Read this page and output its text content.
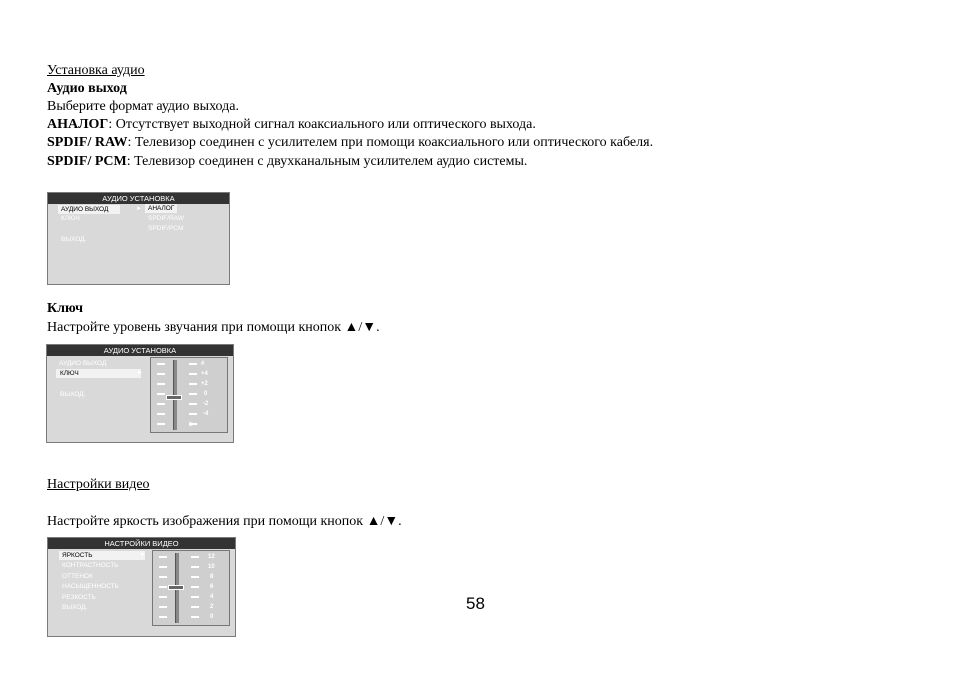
Установка аудио
Аудио выход
Выберите формат аудио выхода.
АНАЛОГ: Отсутствует выходной сигнал коаксиального или оптического выхода.
SPDIF/ RAW: Телевизор соединен с усилителем при помощи коаксиального или оптического кабеля.
SPDIF/ PCM: Телевизор соединен с двухканальным усилителем аудио системы.
АУДИО УСТАНОВКА
АУДИО ВЫХОД	►
КЛЮЧ
ВЫХОД.
АНАЛОГ
SPDIF/RAW
SPDIF/PCM
Ключ
Настройте уровень звучания при помощи кнопок ▲/▼.
АУДИО УСТАНОВКА
АУДИО ВЫХОД
КЛЮЧ	►
ВЫХОД.
#
+4
+2
0
-2
-4
b
Настройки видео
Настройте яркость изображения при помощи кнопок ▲/▼.
НАСТРОЙКИ ВИДЕО
ЯРКОСТЬ	►
КОНТРАСТНОСТЬ
ОТТЕНОК
НАСЫЩЕННОСТЬ
РЕЗКОСТЬ
ВЫХОД.
12
10
8
6
4
2
0
58
